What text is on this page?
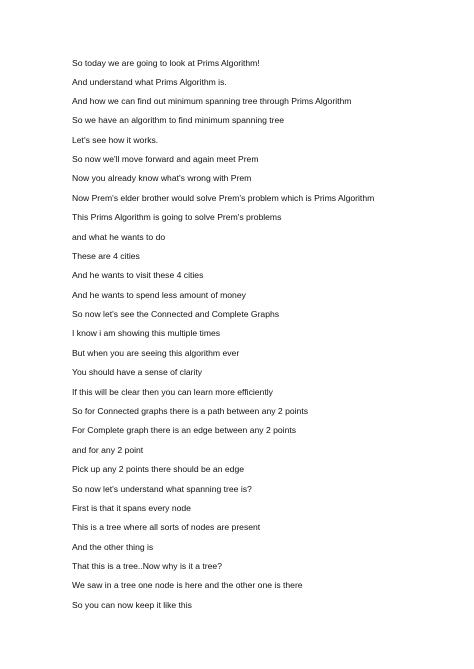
So today we are going to look at Prims Algorithm!
And understand what Prims Algorithm is.
And how we can find out minimum spanning tree through Prims Algorithm
So we have an algorithm to find minimum spanning tree
Let's see how it works.
So now we'll move forward and again meet Prem
Now you already know what's wrong with Prem
Now Prem's elder brother would solve Prem's problem which is Prims Algorithm
This Prims Algorithm is going to solve Prem's problems
and what he wants to do
These are 4 cities
And he wants to visit these 4 cities
And he wants to spend less amount of money
So now let's see the Connected and Complete Graphs
I know i am showing this multiple times
But when you are seeing this algorithm ever
You should have a sense of clarity
If this will be clear then you can learn more efficiently
So for Connected graphs there is a path between any 2 points
For Complete graph there is an edge between any 2 points
and for any 2 point
Pick up any 2 points there should be an edge
So now let's understand what spanning tree is?
First is that it spans every node
This is a tree where all sorts of nodes are present
And the other thing is
That this is a tree..Now why is it a tree?
We saw in a tree one node is here and the other one is there
So you can now keep it like this
